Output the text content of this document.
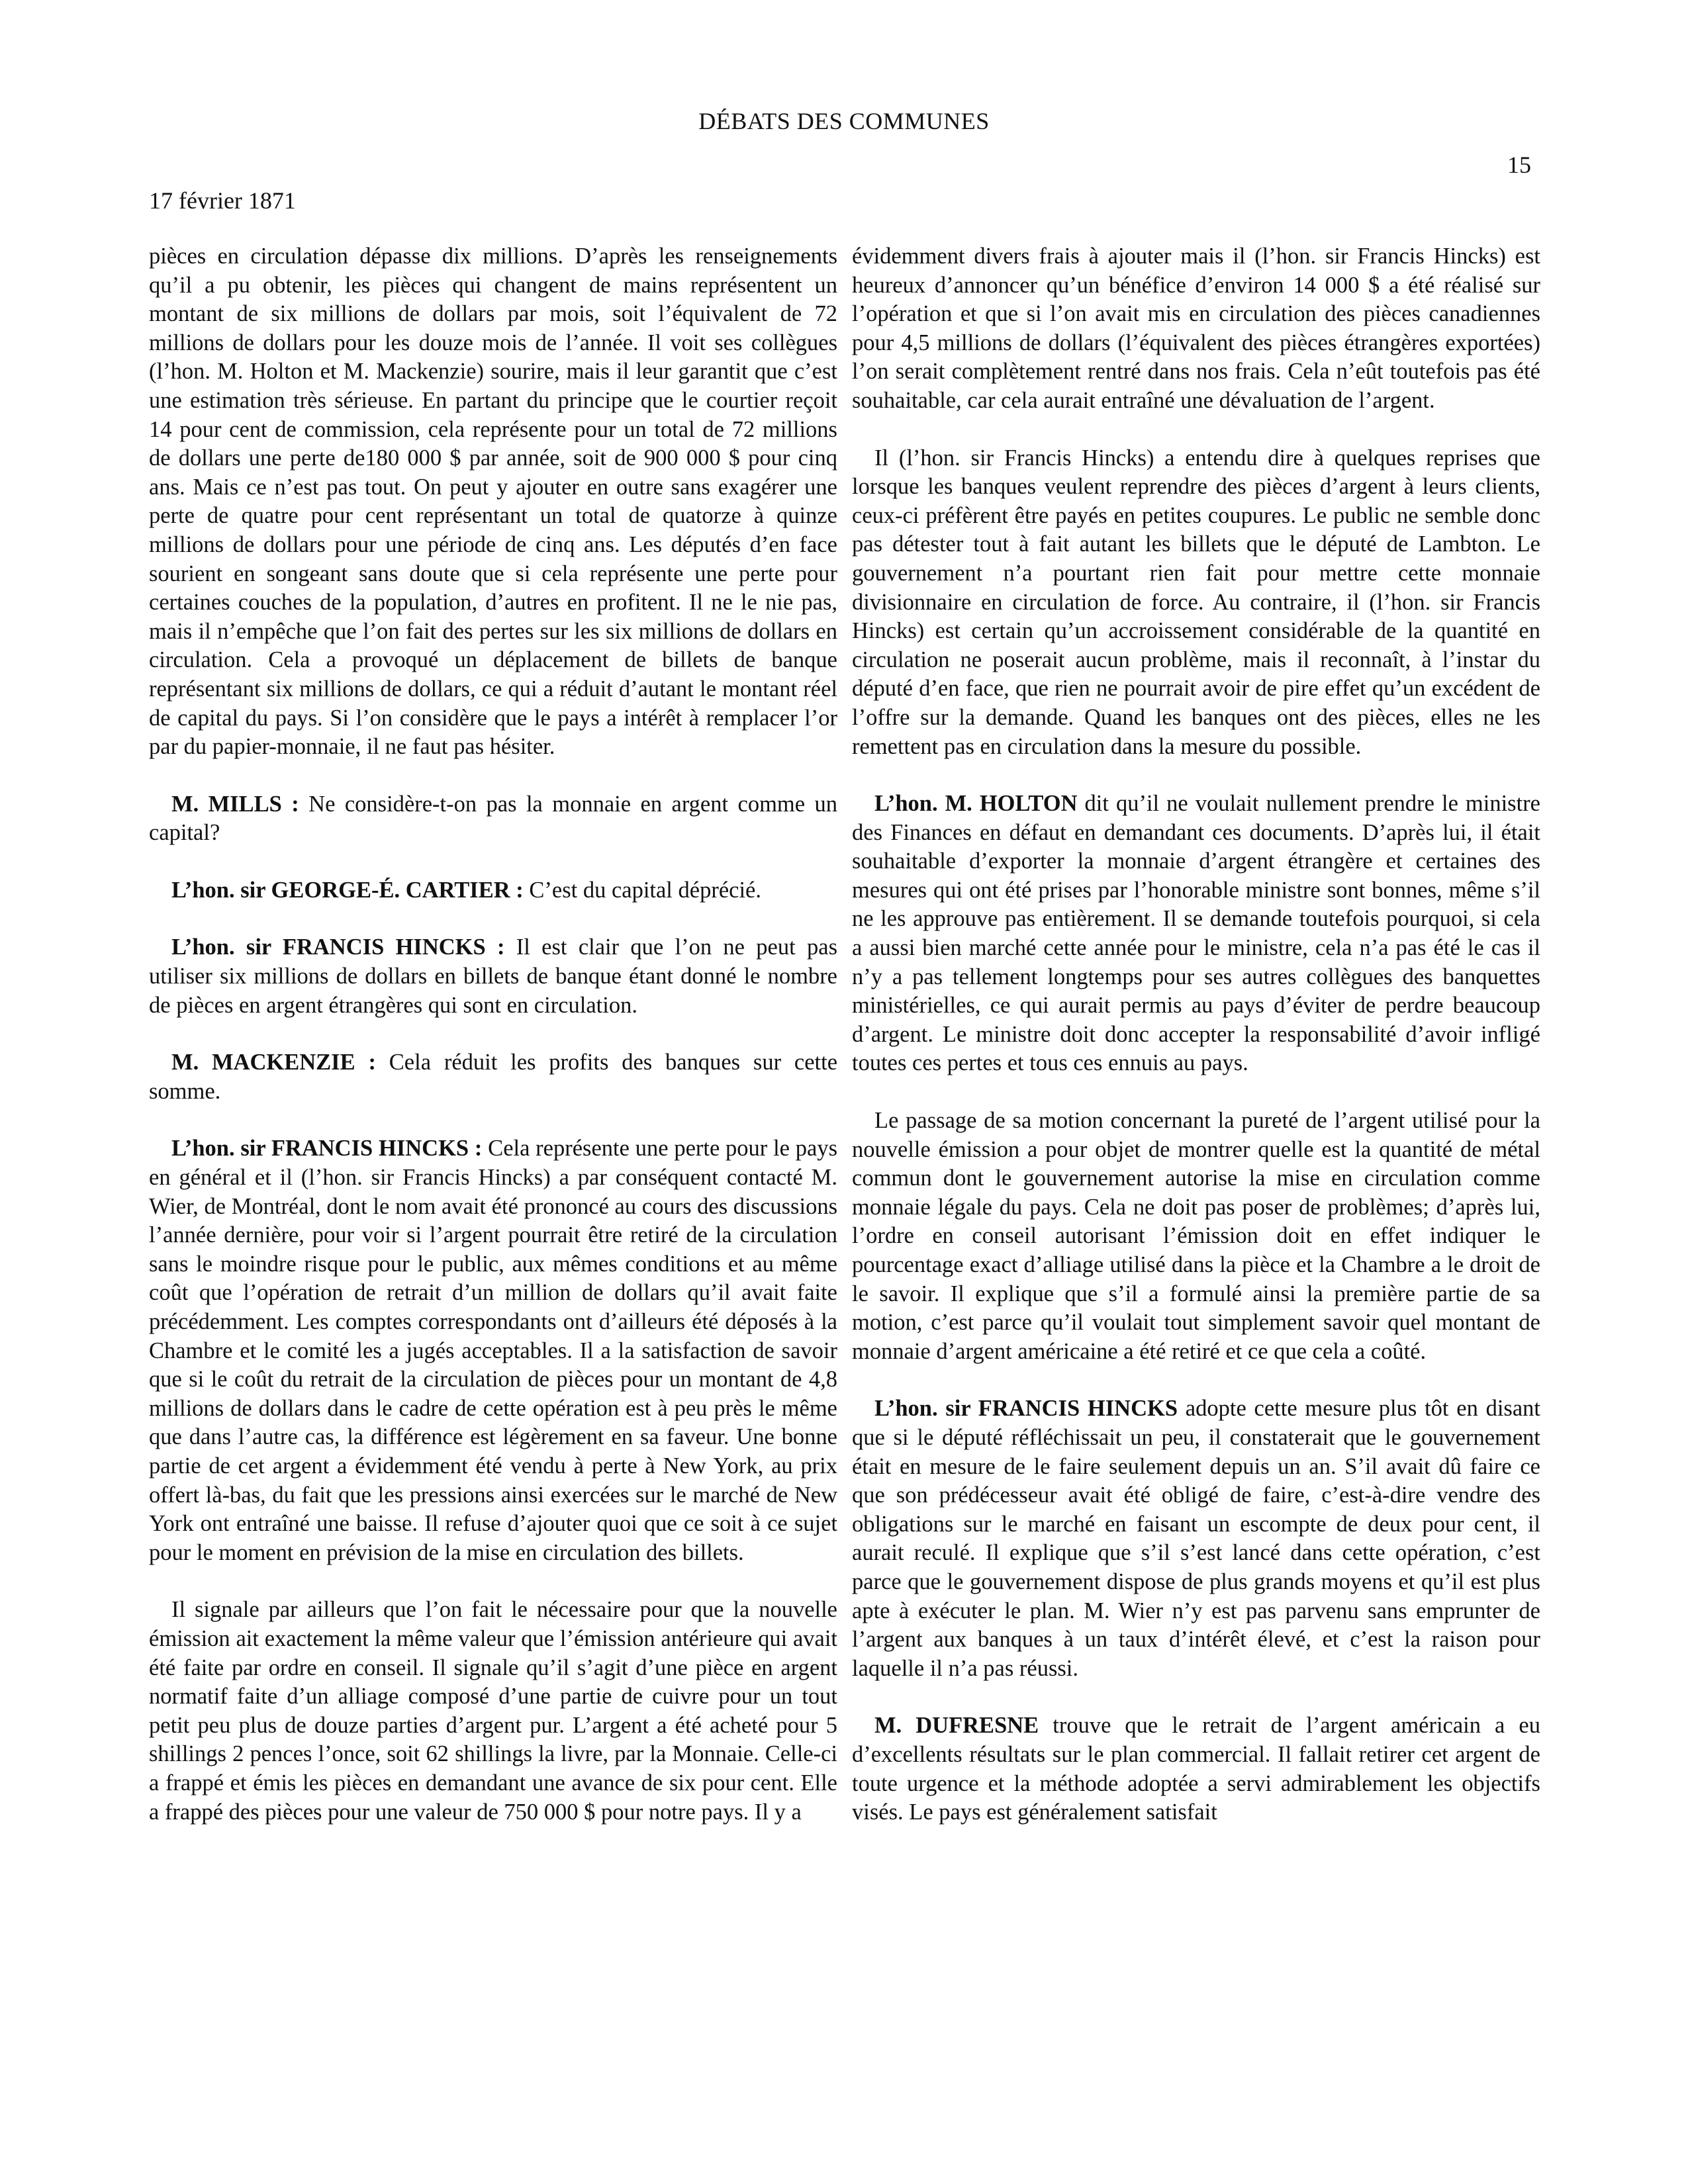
DÉBATS DES COMMUNES
15
17 février 1871

pièces en circulation dépasse dix millions. D’après les renseignements qu’il a pu obtenir, les pièces qui changent de mains représentent un montant de six millions de dollars par mois, soit l’équivalent de 72 millions de dollars pour les douze mois de l’année. Il voit ses collègues (l’hon. M. Holton et M. Mackenzie) sourire, mais il leur garantit que c’est une estimation très sérieuse. En partant du principe que le courtier reçoit 14 pour cent de commission, cela représente pour un total de 72 millions de dollars une perte de180 000 $ par année, soit de 900 000 $ pour cinq ans. Mais ce n’est pas tout. On peut y ajouter en outre sans exagérer une perte de quatre pour cent représentant un total de quatorze à quinze millions de dollars pour une période de cinq ans. Les députés d’en face sourient en songeant sans doute que si cela représente une perte pour certaines couches de la population, d’autres en profitent. Il ne le nie pas, mais il n’empêche que l’on fait des pertes sur les six millions de dollars en circulation. Cela a provoqué un déplacement de billets de banque représentant six millions de dollars, ce qui a réduit d’autant le montant réel de capital du pays. Si l’on considère que le pays a intérêt à remplacer l’or par du papier-monnaie, il ne faut pas hésiter.

M. MILLS : Ne considère-t-on pas la monnaie en argent comme un capital?

L’hon. sir GEORGE-É. CARTIER : C’est du capital déprécié.

L’hon. sir FRANCIS HINCKS : Il est clair que l’on ne peut pas utiliser six millions de dollars en billets de banque étant donné le nombre de pièces en argent étrangères qui sont en circulation.

M. MACKENZIE : Cela réduit les profits des banques sur cette somme.

L’hon. sir FRANCIS HINCKS : Cela représente une perte pour le pays en général et il (l’hon. sir Francis Hincks) a par conséquent contacté M. Wier, de Montréal, dont le nom avait été prononcé au cours des discussions l’année dernière, pour voir si l’argent pourrait être retiré de la circulation sans le moindre risque pour le public, aux mêmes conditions et au même coût que l’opération de retrait d’un million de dollars qu’il avait faite précédemment. Les comptes correspondants ont d’ailleurs été déposés à la Chambre et le comité les a jugés acceptables. Il a la satisfaction de savoir que si le coût du retrait de la circulation de pièces pour un montant de 4,8 millions de dollars dans le cadre de cette opération est à peu près le même que dans l’autre cas, la différence est légèrement en sa faveur. Une bonne partie de cet argent a évidemment été vendu à perte à New York, au prix offert là-bas, du fait que les pressions ainsi exercées sur le marché de New York ont entraîné une baisse. Il refuse d’ajouter quoi que ce soit à ce sujet pour le moment en prévision de la mise en circulation des billets.

Il signale par ailleurs que l’on fait le nécessaire pour que la nouvelle émission ait exactement la même valeur que l’émission antérieure qui avait été faite par ordre en conseil. Il signale qu’il s’agit d’une pièce en argent normatif faite d’un alliage composé d’une partie de cuivre pour un tout petit peu plus de douze parties d’argent pur. L’argent a été acheté pour 5 shillings 2 pences l’once, soit 62 shillings la livre, par la Monnaie. Celle-ci a frappé et émis les pièces en demandant une avance de six pour cent. Elle a frappé des pièces pour une valeur de 750 000 $ pour notre pays. Il y a

évidemment divers frais à ajouter mais il (l’hon. sir Francis Hincks) est heureux d’annoncer qu’un bénéfice d’environ 14 000 $ a été réalisé sur l’opération et que si l’on avait mis en circulation des pièces canadiennes pour 4,5 millions de dollars (l’équivalent des pièces étrangères exportées) l’on serait complètement rentré dans nos frais. Cela n’eût toutefois pas été souhaitable, car cela aurait entraîné une dévaluation de l’argent.

Il (l’hon. sir Francis Hincks) a entendu dire à quelques reprises que lorsque les banques veulent reprendre des pièces d’argent à leurs clients, ceux-ci préfèrent être payés en petites coupures. Le public ne semble donc pas détester tout à fait autant les billets que le député de Lambton. Le gouvernement n’a pourtant rien fait pour mettre cette monnaie divisionnaire en circulation de force. Au contraire, il (l’hon. sir Francis Hincks) est certain qu’un accroissement considérable de la quantité en circulation ne poserait aucun problème, mais il reconnaît, à l’instar du député d’en face, que rien ne pourrait avoir de pire effet qu’un excédent de l’offre sur la demande. Quand les banques ont des pièces, elles ne les remettent pas en circulation dans la mesure du possible.

L’hon. M. HOLTON dit qu’il ne voulait nullement prendre le ministre des Finances en défaut en demandant ces documents. D’après lui, il était souhaitable d’exporter la monnaie d’argent étrangère et certaines des mesures qui ont été prises par l’honorable ministre sont bonnes, même s’il ne les approuve pas entièrement. Il se demande toutefois pourquoi, si cela a aussi bien marché cette année pour le ministre, cela n’a pas été le cas il n’y a pas tellement longtemps pour ses autres collègues des banquettes ministérielles, ce qui aurait permis au pays d’éviter de perdre beaucoup d’argent. Le ministre doit donc accepter la responsabilité d’avoir infligé toutes ces pertes et tous ces ennuis au pays.

Le passage de sa motion concernant la pureté de l’argent utilisé pour la nouvelle émission a pour objet de montrer quelle est la quantité de métal commun dont le gouvernement autorise la mise en circulation comme monnaie légale du pays. Cela ne doit pas poser de problèmes; d’après lui, l’ordre en conseil autorisant l’émission doit en effet indiquer le pourcentage exact d’alliage utilisé dans la pièce et la Chambre a le droit de le savoir. Il explique que s’il a formulé ainsi la première partie de sa motion, c’est parce qu’il voulait tout simplement savoir quel montant de monnaie d’argent américaine a été retiré et ce que cela a coûté.

L’hon. sir FRANCIS HINCKS adopte cette mesure plus tôt en disant que si le député réfléchissait un peu, il constaterait que le gouvernement était en mesure de le faire seulement depuis un an. S’il avait dû faire ce que son prédécesseur avait été obligé de faire, c’est-à-dire vendre des obligations sur le marché en faisant un escompte de deux pour cent, il aurait reculé. Il explique que s’il s’est lancé dans cette opération, c’est parce que le gouvernement dispose de plus grands moyens et qu’il est plus apte à exécuter le plan. M. Wier n’y est pas parvenu sans emprunter de l’argent aux banques à un taux d’intérêt élevé, et c’est la raison pour laquelle il n’a pas réussi.

M. DUFRESNE trouve que le retrait de l’argent américain a eu d’excellents résultats sur le plan commercial. Il fallait retirer cet argent de toute urgence et la méthode adoptée a servi admirablement les objectifs visés. Le pays est généralement satisfait
